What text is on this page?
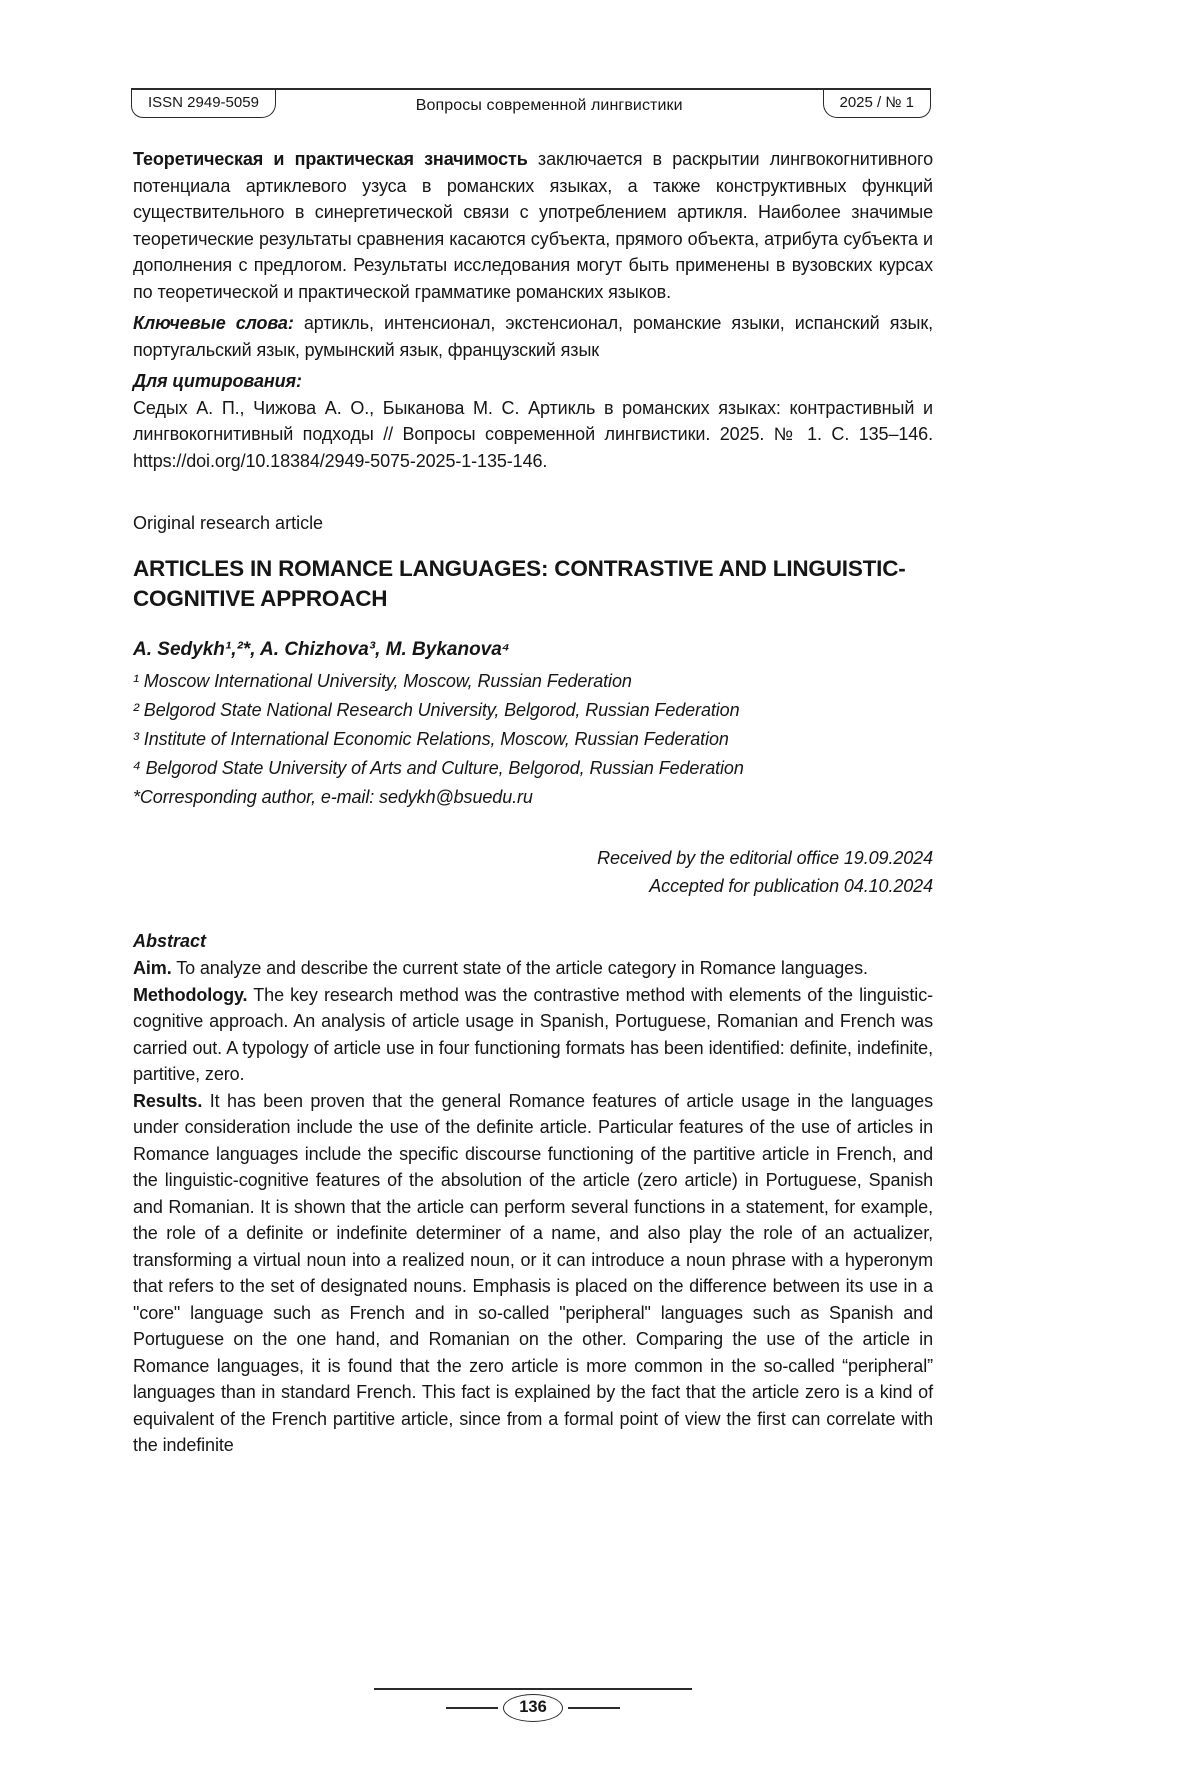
ISSN 2949-5059	Вопросы современной лингвистики	2025 / № 1

Теоретическая и практическая значимость заключается в раскрытии лингвокогнитивного потенциала артиклевого узуса в романских языках, а также конструктивных функций существительного в синергетической связи с употреблением артикля. Наиболее значимые теоретические результаты сравнения касаются субъекта, прямого объекта, атрибута субъекта и дополнения с предлогом. Результаты исследования могут быть применены в вузовских курсах по теоретической и практической грамматике романских языков.

Ключевые слова: артикль, интенсионал, экстенсионал, романские языки, испанский язык, португальский язык, румынский язык, французский язык

Для цитирования:

Седых А. П., Чижова А. О., Быканова М. С. Артикль в романских языках: контрастивный и лингвокогнитивный подходы // Вопросы современной лингвистики. 2025. № 1. С. 135–146. https://doi.org/10.18384/2949-5075-2025-1-135-146.

Original research article

ARTICLES IN ROMANCE LANGUAGES: CONTRASTIVE AND LINGUISTIC-COGNITIVE APPROACH

A. Sedykh¹,²*, A. Chizhova³, M. Bykanova⁴

¹ Moscow International University, Moscow, Russian Federation

² Belgorod State National Research University, Belgorod, Russian Federation

³ Institute of International Economic Relations, Moscow, Russian Federation

⁴ Belgorod State University of Arts and Culture, Belgorod, Russian Federation

*Corresponding author, e-mail: sedykh@bsuedu.ru

Received by the editorial office 19.09.2024

Accepted for publication 04.10.2024

Abstract

Aim. To analyze and describe the current state of the article category in Romance languages.

Methodology. The key research method was the contrastive method with elements of the linguistic-cognitive approach. An analysis of article usage in Spanish, Portuguese, Romanian and French was carried out. A typology of article use in four functioning formats has been identified: definite, indefinite, partitive, zero.

Results. It has been proven that the general Romance features of article usage in the languages under consideration include the use of the definite article. Particular features of the use of articles in Romance languages include the specific discourse functioning of the partitive article in French, and the linguistic-cognitive features of the absolution of the article (zero article) in Portuguese, Spanish and Romanian. It is shown that the article can perform several functions in a statement, for example, the role of a definite or indefinite determiner of a name, and also play the role of an actualizer, transforming a virtual noun into a realized noun, or it can introduce a noun phrase with a hyperonym that refers to the set of designated nouns. Emphasis is placed on the difference between its use in a "core" language such as French and in so-called "peripheral" languages such as Spanish and Portuguese on the one hand, and Romanian on the other. Comparing the use of the article in Romance languages, it is found that the zero article is more common in the so-called “peripheral” languages than in standard French. This fact is explained by the fact that the article zero is a kind of equivalent of the French partitive article, since from a formal point of view the first can correlate with the indefinite

136
